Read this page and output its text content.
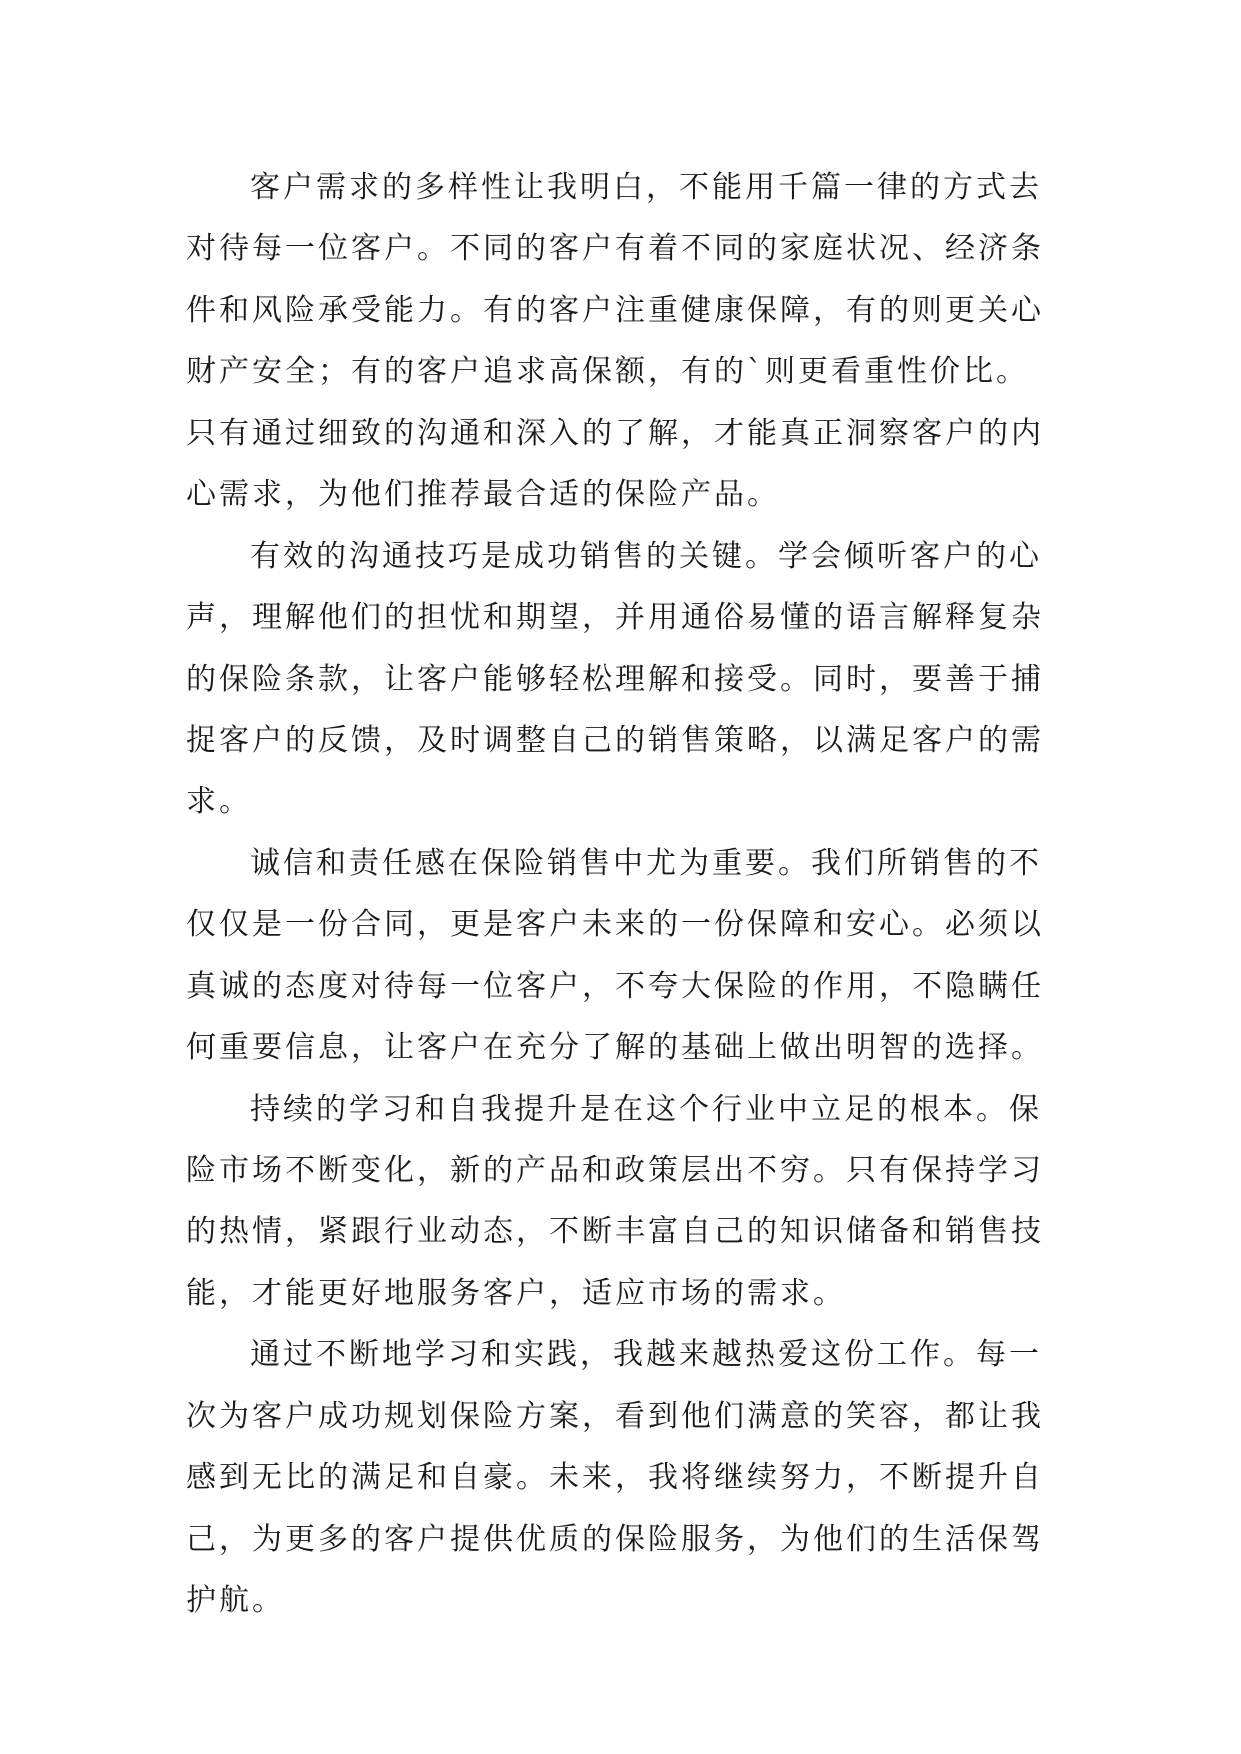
客户需求的多样性让我明白，不能用千篇一律的方式去
对待每一位客户。不同的客户有着不同的家庭状况、经济条
件和风险承受能力。有的客户注重健康保障，有的则更关心
财产安全；有的客户追求高保额，有的`则更看重性价比。
只有通过细致的沟通和深入的了解，才能真正洞察客户的内
心需求，为他们推荐最合适的保险产品。
有效的沟通技巧是成功销售的关键。学会倾听客户的心
声，理解他们的担忧和期望，并用通俗易懂的语言解释复杂
的保险条款，让客户能够轻松理解和接受。同时，要善于捕
捉客户的反馈，及时调整自己的销售策略，以满足客户的需
求。
诚信和责任感在保险销售中尤为重要。我们所销售的不
仅仅是一份合同，更是客户未来的一份保障和安心。必须以
真诚的态度对待每一位客户，不夸大保险的作用，不隐瞒任
何重要信息，让客户在充分了解的基础上做出明智的选择。
持续的学习和自我提升是在这个行业中立足的根本。保
险市场不断变化，新的产品和政策层出不穷。只有保持学习
的热情，紧跟行业动态，不断丰富自己的知识储备和销售技
能，才能更好地服务客户，适应市场的需求。
通过不断地学习和实践，我越来越热爱这份工作。每一
次为客户成功规划保险方案，看到他们满意的笑容，都让我
感到无比的满足和自豪。未来，我将继续努力，不断提升自
己，为更多的客户提供优质的保险服务，为他们的生活保驾
护航。
